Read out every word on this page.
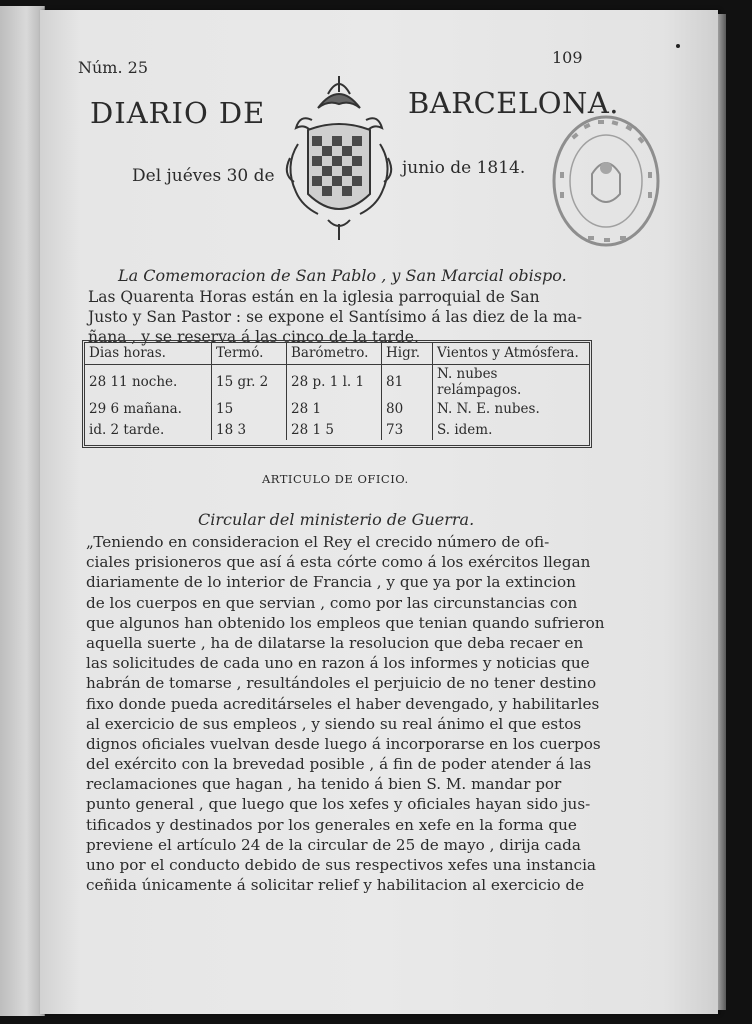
Núm. 25
109
DIARIO DE	BARCELONA.
Del juéves 30 de	junio de 1814.
La Comemoracion de San Pablo , y San Marcial obispo.
Las Quarenta Horas están en la iglesia parroquial de San
Justo y San Pastor : se expone el Santísimo á las diez de la ma-
ñana , y se reserva á las cinco de la tarde.
Dias horas.	Termó.	Barómetro.	Higr.	Vientos y Atmósfera.
28 11 noche.	15 gr. 2	28 p. 1 l. 1	81	N. nubes relámpagos.
29 6 mañana.	15	28 1	80	N. N. E. nubes.
id. 2 tarde.	18 3	28 1 5	73	S. idem.
ARTICULO DE OFICIO.
Circular del ministerio de Guerra.
„Teniendo en consideracion el Rey el crecido número de ofi-
ciales prisioneros que así á esta córte como á los exércitos llegan
diariamente de lo interior de Francia , y que ya por la extincion
de los cuerpos en que servian , como por las circunstancias con
que algunos han obtenido los empleos que tenian quando sufrieron
aquella suerte , ha de dilatarse la resolucion que deba recaer en
las solicitudes de cada uno en razon á los informes y noticias que
habrán de tomarse , resultándoles el perjuicio de no tener destino
fixo donde pueda acreditárseles el haber devengado, y habilitarles
al exercicio de sus empleos , y siendo su real ánimo el que estos
dignos oficiales vuelvan desde luego á incorporarse en los cuerpos
del exército con la brevedad posible , á fin de poder atender á las
reclamaciones que hagan , ha tenido á bien S. M. mandar por
punto general , que luego que los xefes y oficiales hayan sido jus-
tificados y destinados por los generales en xefe en la forma que
previene el artículo 24 de la circular de 25 de mayo , dirija cada
uno por el conducto debido de sus respectivos xefes una instancia
ceñida únicamente á solicitar relief y habilitacion al exercicio de
